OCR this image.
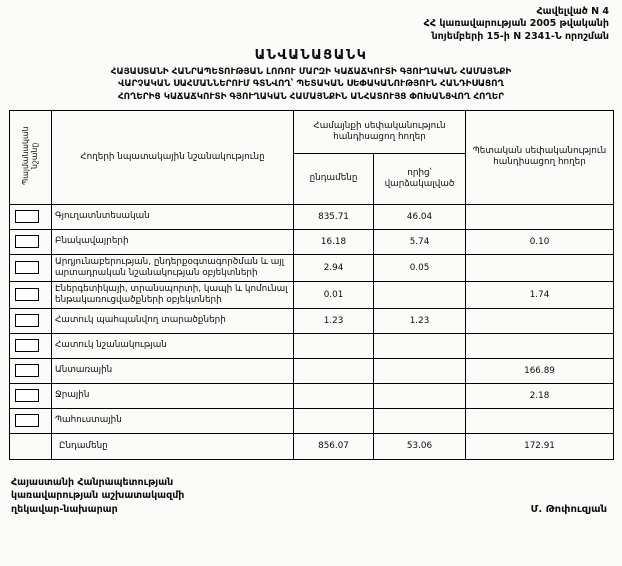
Հավելված N 4
ՀՀ կառավարության 2005 թվականի
նոյեմբերի 15-ի N 2341-Ն որոշման
ԱՆՎԱՆԱՑԱՆԿ
ՀԱՅԱՍՏԱՆԻ ՀԱՆՐԱՊԵՏՈՒԹՅԱՆ ԼՈՌՈՒ ՄԱՐԶԻ ԿԱՃԱՃԿՈՒՏԻ ԳՅՈՒՂԱԿԱՆ ՀԱՄԱՅՆՔԻ
ՎԱՐՉԱԿԱՆ ՍԱՀՄԱՆՆԵՐՈՒՄ ԳՏՆՎՈՂ՝ ՊԵՏԱԿԱՆ ՍԵՓԱԿԱՆՈՒԹՅՈՒՆ ՀԱՆԴԻՍԱՑՈՂ
ՀՈՂԵՐԻՑ ԿԱՃԱՃԿՈՒՏԻ ԳՅՈՒՂԱԿԱՆ ՀԱՄԱՅՆՔԻՆ ԱՆՀԱՏՈՒՅՑ ՓՈԽԱՆՑՎՈՂ ՀՈՂԵՐ
Պայմանական նշանը	Հողերի նպատակային նշանակությունը	Համայնքի սեփականություն հանդիսացող հողեր		Պետական սեփականություն հանդիսացող հողեր
		ընդամենը	որից՝ վարձակալված	

	Գյուղատնտեսական	835.71	46.04	

	Բնակավայրերի	16.18	5.74	0.10

	Արդյունաբերության, ընդերքօգտագործման և այլ արտադրական նշանակության օբյեկտների	2.94	0.05	

	Էներգետիկայի, տրանսպորտի, կապի և կոմունալ ենթակառուցվածքների օբյեկտների	0.01		1.74

	Հատուկ պահպանվող տարածքների	1.23	1.23	

	Հատուկ նշանակության			

	Անտառային			166.89

	Ջրային			2.18

	Պահուստային			
	Ընդամենը	856.07	53.06	172.91
Հայաստանի Հանրապետության
կառավարության աշխատակազմի
ղեկավար-նախարար	Մ. Թոփուզյան
